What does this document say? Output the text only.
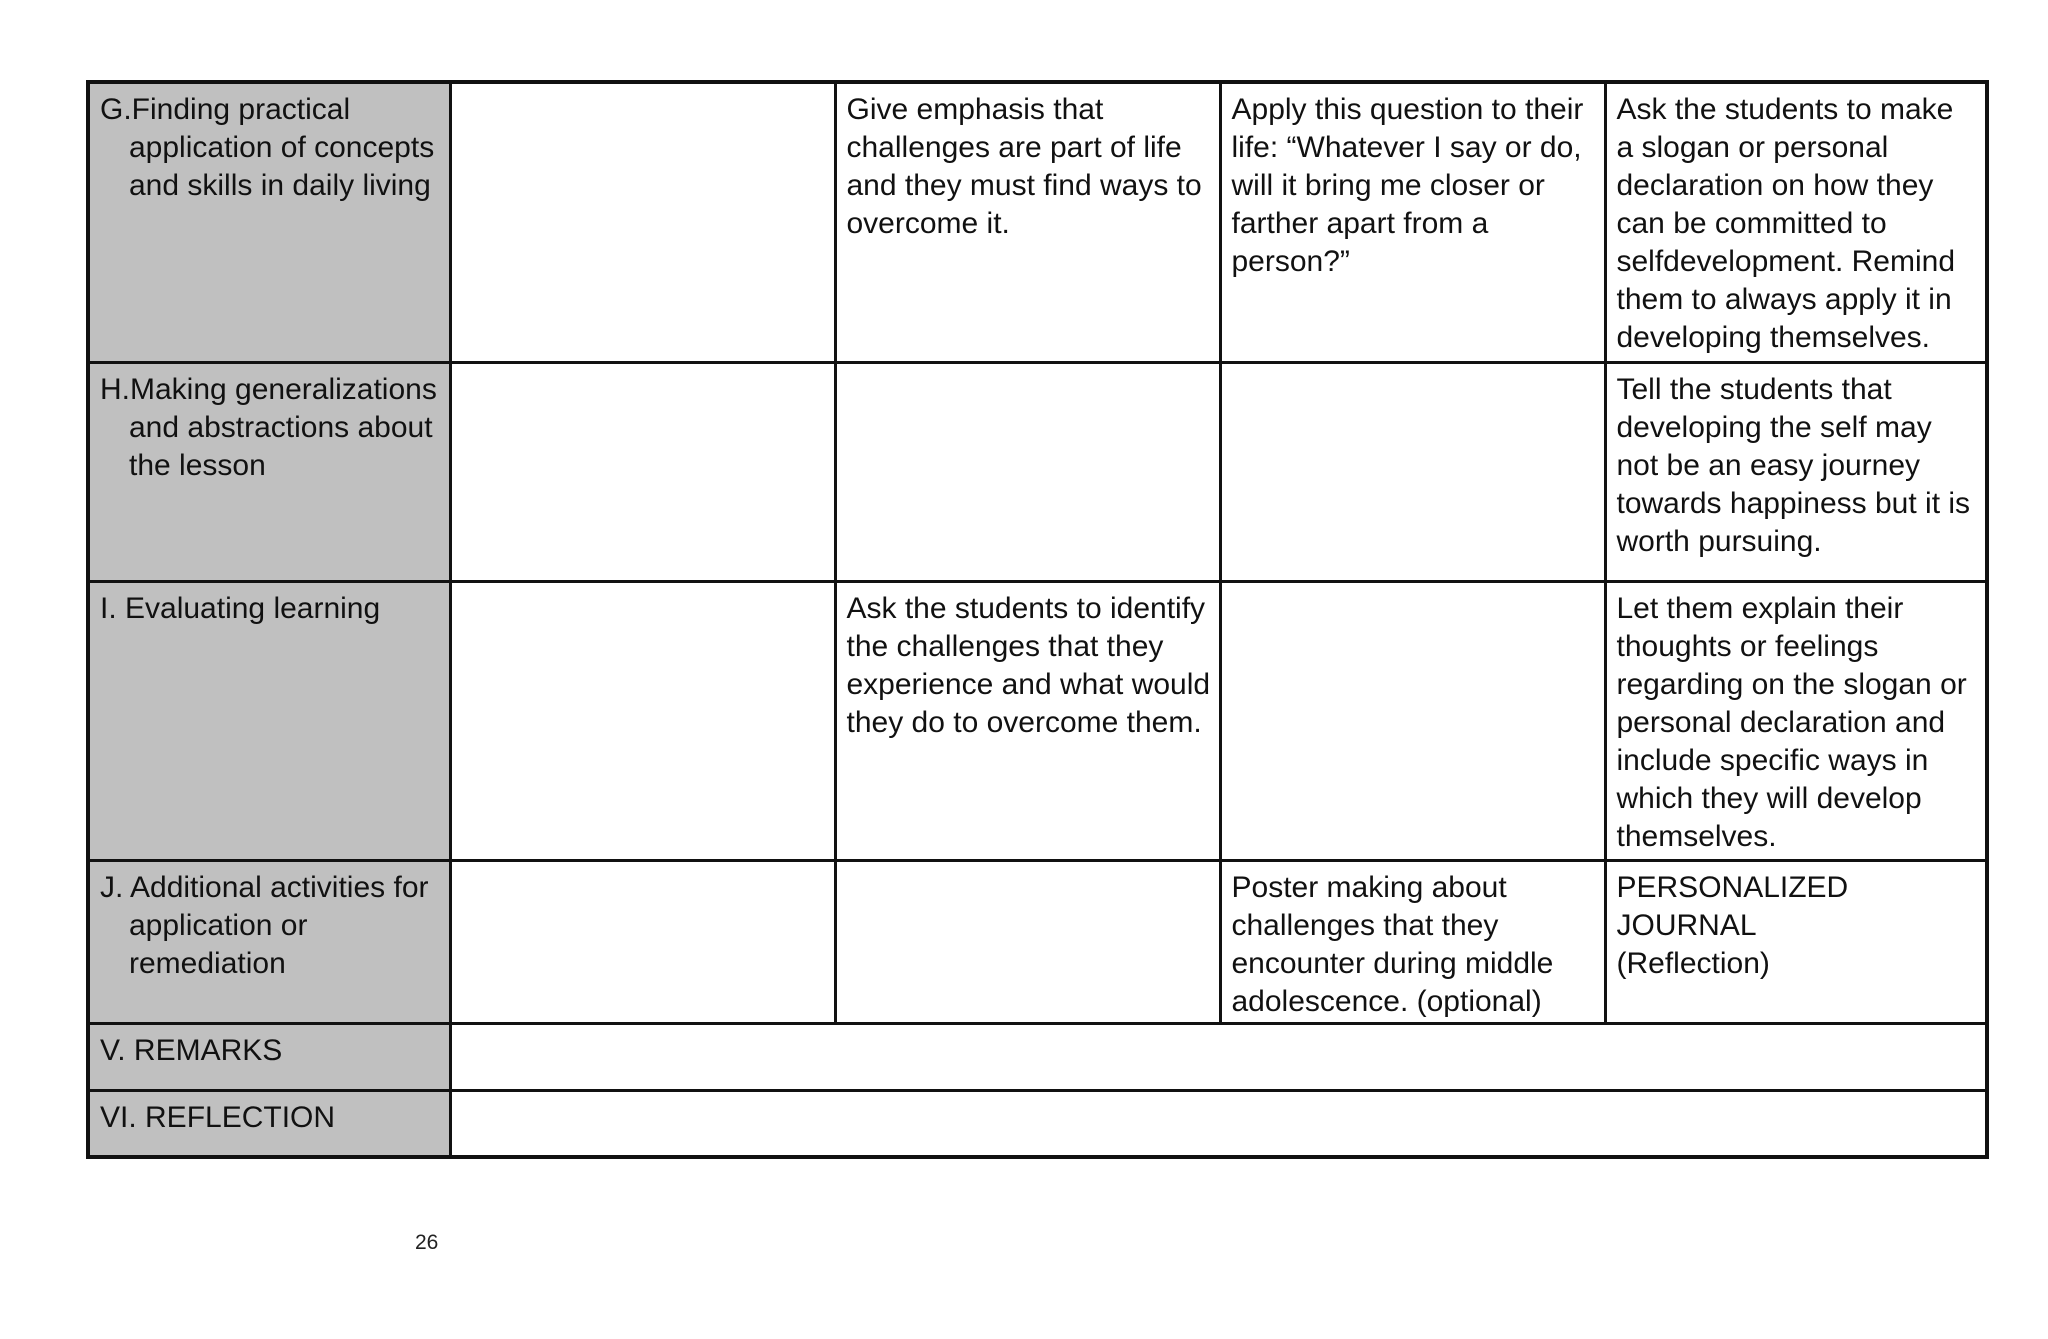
G.Finding practical application of concepts and skills in daily living		Give emphasis that challenges are part of life and they must find ways to overcome it.	Apply this question to their life: “Whatever I say or do, will it bring me closer or farther apart from a person?”	Ask the students to make a slogan or personal declaration on how they can be committed to selfdevelopment. Remind them to always apply it in developing themselves.

H.Making generalizations and abstractions about the lesson				Tell the students that developing the self may not be an easy journey towards happiness but it is worth pursuing.

I. Evaluating learning		Ask the students to identify the challenges that they experience and what would they do to overcome them.		Let them explain their thoughts or feelings regarding on the slogan or personal declaration and include specific ways in which they will develop themselves.

J. Additional activities for application or remediation			Poster making about challenges that they encounter during middle adolescence. (optional)	PERSONALIZED
JOURNAL
(Reflection)

V. REMARKS				
VI. REFLECTION				
26
